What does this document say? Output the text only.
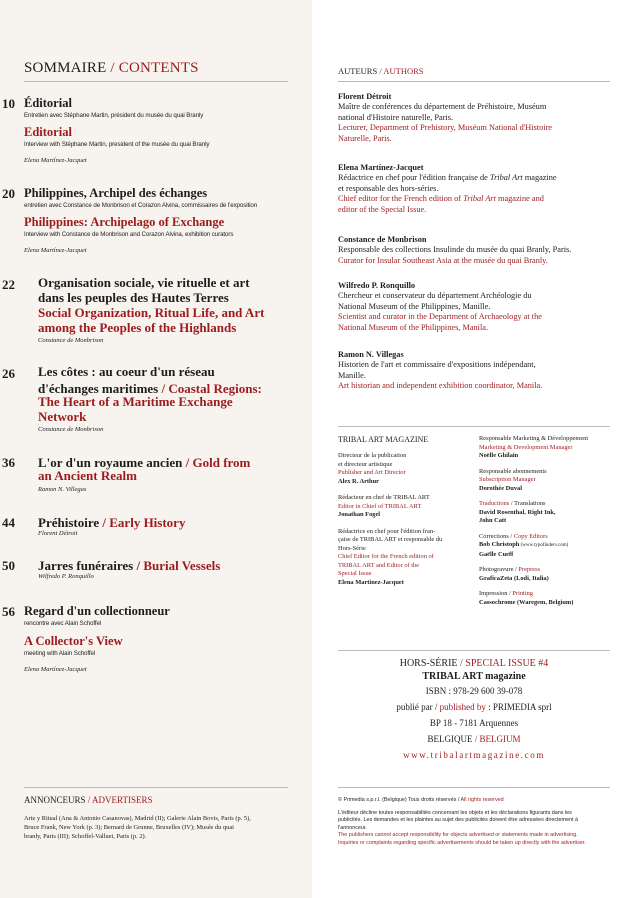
SOMMAIRE / CONTENTS
10 Éditorial
Entretien avec Stéphane Martin, président du musée du quai Branly
Editorial
Interview with Stéphane Martin, president of the musée du quai Branly
Elena Martínez-Jacquet
20 Philippines, Archipel des échanges
entretien avec Constance de Monbrison et Corazon Alvina, commissaires de l'exposition
Philippines: Archipelago of Exchange
Interview with Constance de Monbrison and Corazon Alvina, exhibition curators
Elena Martínez-Jacquet
22 Organisation sociale, vie rituelle et art
dans les peuples des Hautes Terres
Social Organization, Ritual Life, and Art
among the Peoples of the Highlands
Constance de Monbrison
26 Les côtes : au coeur d'un réseau
d'échanges maritimes / Coastal Regions:
The Heart of a Maritime Exchange
Network
Constance de Monbrison
36 L'or d'un royaume ancien / Gold from
an Ancient Realm
Ramon N. Villegas
44 Préhistoire / Early History
Florent Détroit
50 Jarres funéraires / Burial Vessels
Wilfredo P. Ronquillo
56 Regard d'un collectionneur
rencontre avec Alain Schoffel
A Collector's View
meeting with Alain Schoffel
Elena Martínez-Jacquet
ANNONCEURS / ADVERTISERS
Arte y Ritual (Ana & Antonio Casanovas), Madrid (II); Galerie Alain Bovis, Paris (p. 5),
Bruce Frank, New York (p. 3); Bernard de Grunne, Bruxelles (IV); Musée du quai
branly, Paris (III); Schoffel-Valluet, Paris (p. 2).
AUTEURS / AUTHORS
Florent Détroit
Maître de conférences du département de Préhistoire, Muséum
national d'Histoire naturelle, Paris.
Lecturer, Department of Prehistory, Muséum National d'Histoire
Naturelle, Paris.
Elena Martínez-Jacquet
Rédactrice en chef pour l'édition française de Tribal Art magazine
et responsable des hors-séries.
Chief editor for the French edition of Tribal Art magazine and
editor of the Special Issue.
Constance de Monbrison
Responsable des collections Insulinde du musée du quai Branly, Paris.
Curator for Insular Southeast Asia at the musée du quai Branly.
Wilfredo P. Ronquillo
Chercheur et conservateur du département Archéologie du
National Museum of the Philippines, Manille.
Scientist and curator in the Department of Archaeology at the
National Museum of the Philippines, Manila.
Ramon N. Villegas
Historien de l'art et commissaire d'expositions indépendant,
Manille.
Art historian and independent exhibition coordinator, Manila.
TRIBAL ART MAGAZINE
Directeur de la publication
et directeur artistique
Publisher and Art Director
Alex R. Arthur
Rédacteur en chef de TRIBAL ART
Editor in Chief of TRIBAL ART
Jonathan Fogel
Rédactrice en chef pour l'édition fran-
çaise de TRIBAL ART et responsable du
Hors-Série
Chief Editor for the French edition of
TRIBAL ART and Editor of the
Special Issue
Elena Martinez-Jacquet
Responsable Marketing & Développement
Marketing & Development Manager
Noëlle Ghilain
Responsable abonnements
Subscription Manager
Dorothée Duval
Traductions / Translations
David Rosenthal, Right Ink,
John Catt
Corrections / Copy Editors
Bob Christoph (www.typofinders.com)
Gaëlle Cueff
Photogravure / Prepress
GraficaZeta (Lodi, Italia)
Impression / Printing
Cassochrome (Waregem, Belgium)
HORS-SÉRIE / SPECIAL ISSUE #4
TRIBAL ART magazine
ISBN : 978-29 600 39-078
publié par / published by : PRIMEDIA sprl
BP 18 - 7181 Arquennes
BELGIQUE / BELGIUM
www.tribalartmagazine.com
© Primedia s.p.r.l. (Belgique) Tous droits réservés / All rights reserved
L'éditeur décline toutes responsabilités concernant les objets et les déclarations figurants dans les
publicités. Les demandes et les plaintes au sujet des publicités doivent être adressées directement à
l'annonceur.
The publishers cannot accept responsibility for objects advertised or statements made in advertising.
Inquiries or complaints regarding specific advertisements should be taken up directly with the advertiser.
